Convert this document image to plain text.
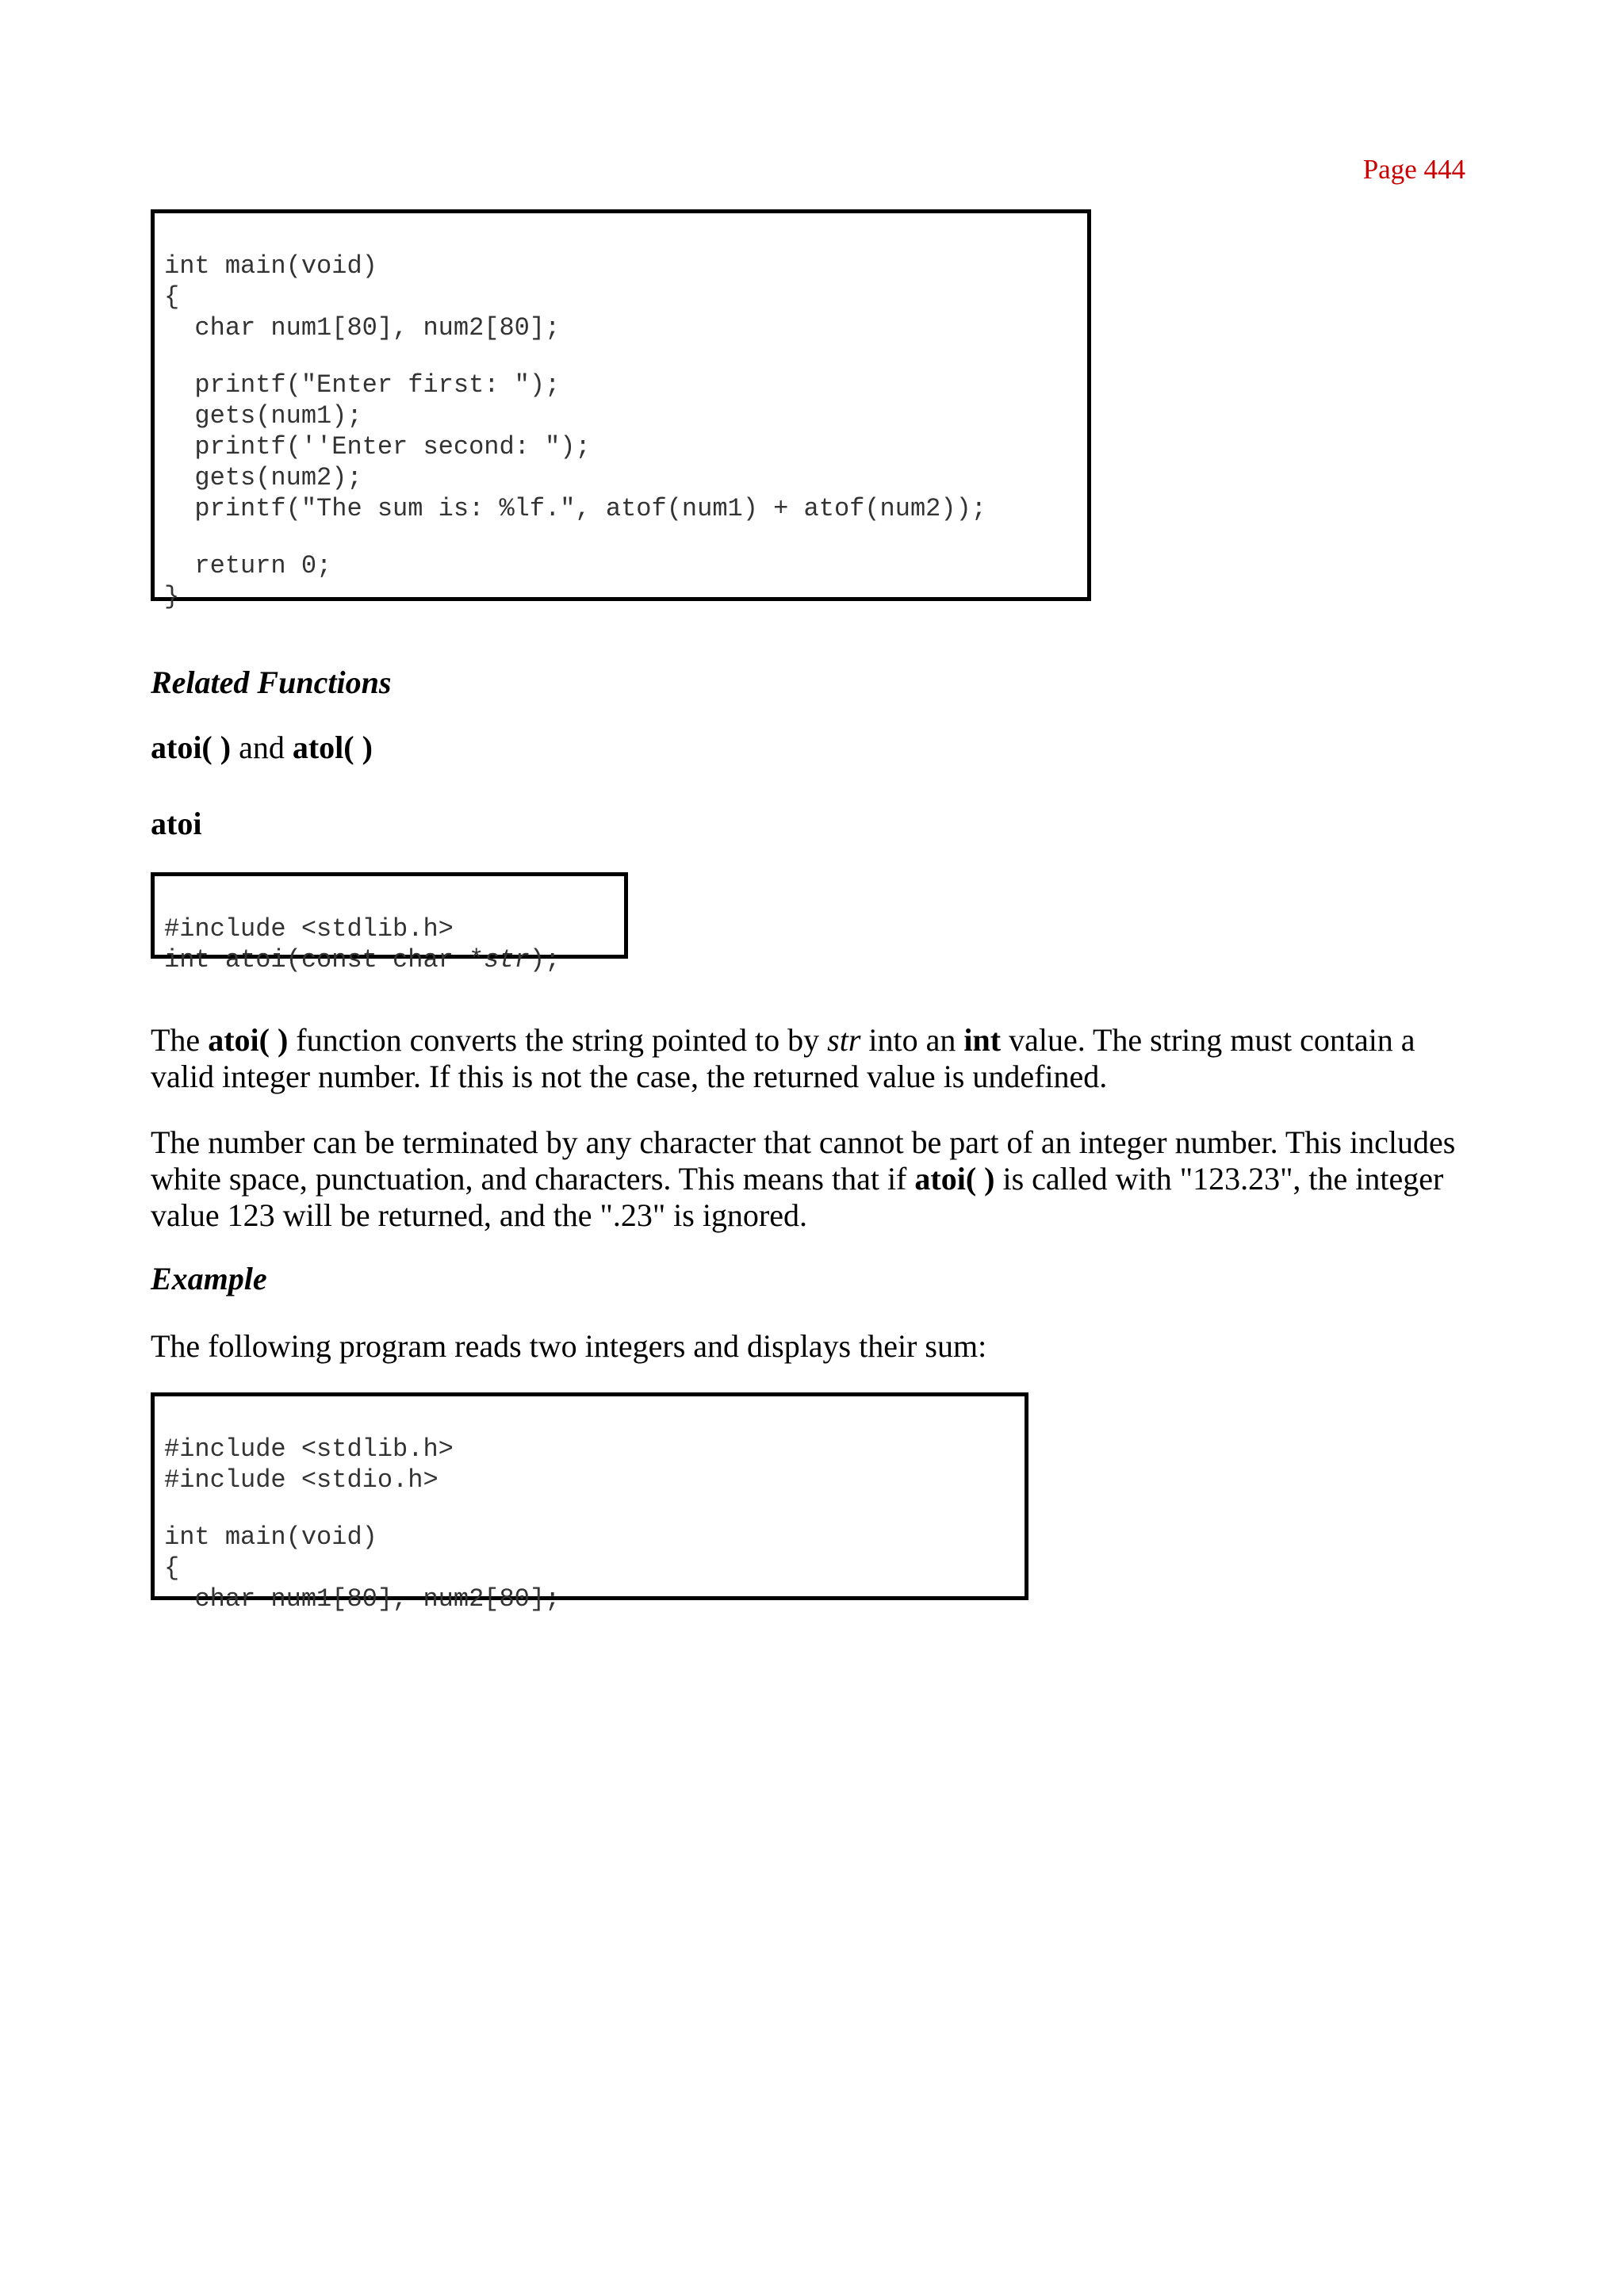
Page 444

int main(void)
{
char num1[80], num2[80];
printf("Enter first: ");
gets(num1);
printf(''Enter second: ");
gets(num2);
printf("The sum is: %lf.", atof(num1) + atof(num2));
return 0;
}

Related Functions
atoi( ) and atol( )
atoi

#include <stdlib.h>
int atoi(const char *str);

The atoi( ) function converts the string pointed to by str into an int value. The string must contain a valid integer number. If this is not the case, the returned value is undefined.
The number can be terminated by any character that cannot be part of an integer number. This includes white space, punctuation, and characters. This means that if atoi( ) is called with "123.23", the integer value 123 will be returned, and the ".23" is ignored.
Example
The following program reads two integers and displays their sum:

#include <stdlib.h>
#include <stdio.h>
int main(void)
{
char num1[80], num2[80];
